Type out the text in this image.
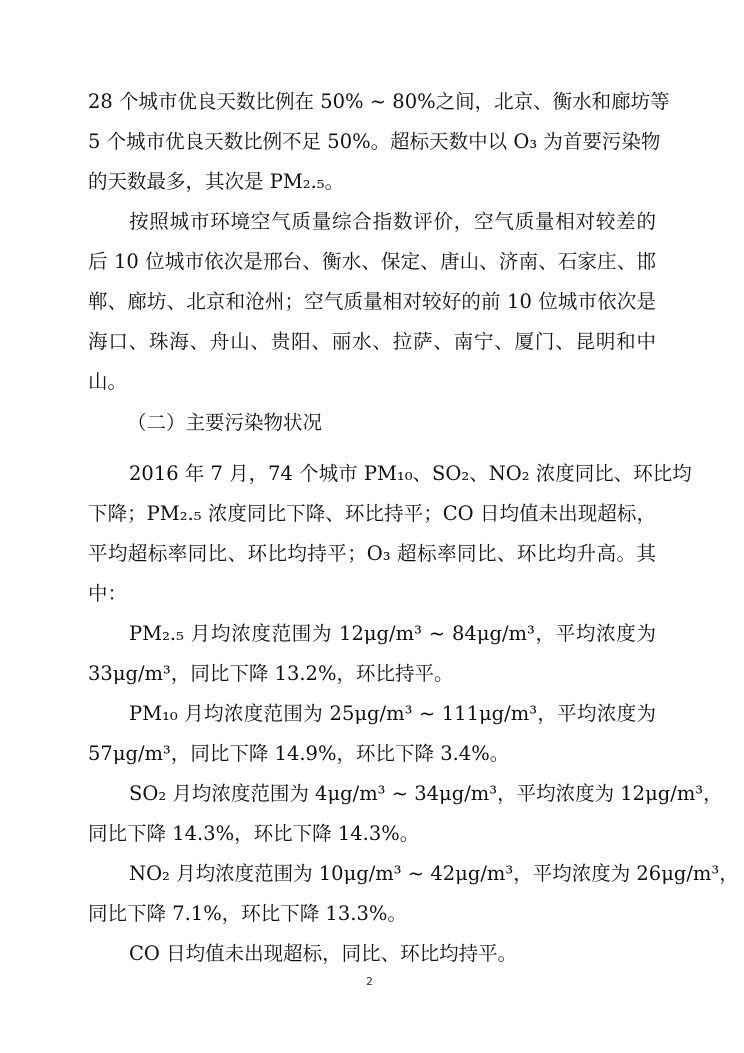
28 个城市优良天数比例在 50% ~ 80%之间，北京、衡水和廊坊等
5 个城市优良天数比例不足 50%。超标天数中以 O₃ 为首要污染物
的天数最多，其次是 PM₂.₅。
按照城市环境空气质量综合指数评价，空气质量相对较差的
后 10 位城市依次是邢台、衡水、保定、唐山、济南、石家庄、邯
郸、廊坊、北京和沧州；空气质量相对较好的前 10 位城市依次是
海口、珠海、舟山、贵阳、丽水、拉萨、南宁、厦门、昆明和中
山。
（二）主要污染物状况
2016 年 7 月，74 个城市 PM₁₀、SO₂、NO₂ 浓度同比、环比均
下降；PM₂.₅ 浓度同比下降、环比持平；CO 日均值未出现超标，
平均超标率同比、环比均持平；O₃ 超标率同比、环比均升高。其
中：
PM₂.₅ 月均浓度范围为 12μg/m³ ~ 84μg/m³，平均浓度为
33μg/m³，同比下降 13.2%，环比持平。
PM₁₀ 月均浓度范围为 25μg/m³ ~ 111μg/m³，平均浓度为
57μg/m³，同比下降 14.9%，环比下降 3.4%。
SO₂ 月均浓度范围为 4μg/m³ ~ 34μg/m³，平均浓度为 12μg/m³，
同比下降 14.3%，环比下降 14.3%。
NO₂ 月均浓度范围为 10μg/m³ ~ 42μg/m³，平均浓度为 26μg/m³，
同比下降 7.1%，环比下降 13.3%。
CO 日均值未出现超标，同比、环比均持平。
2
